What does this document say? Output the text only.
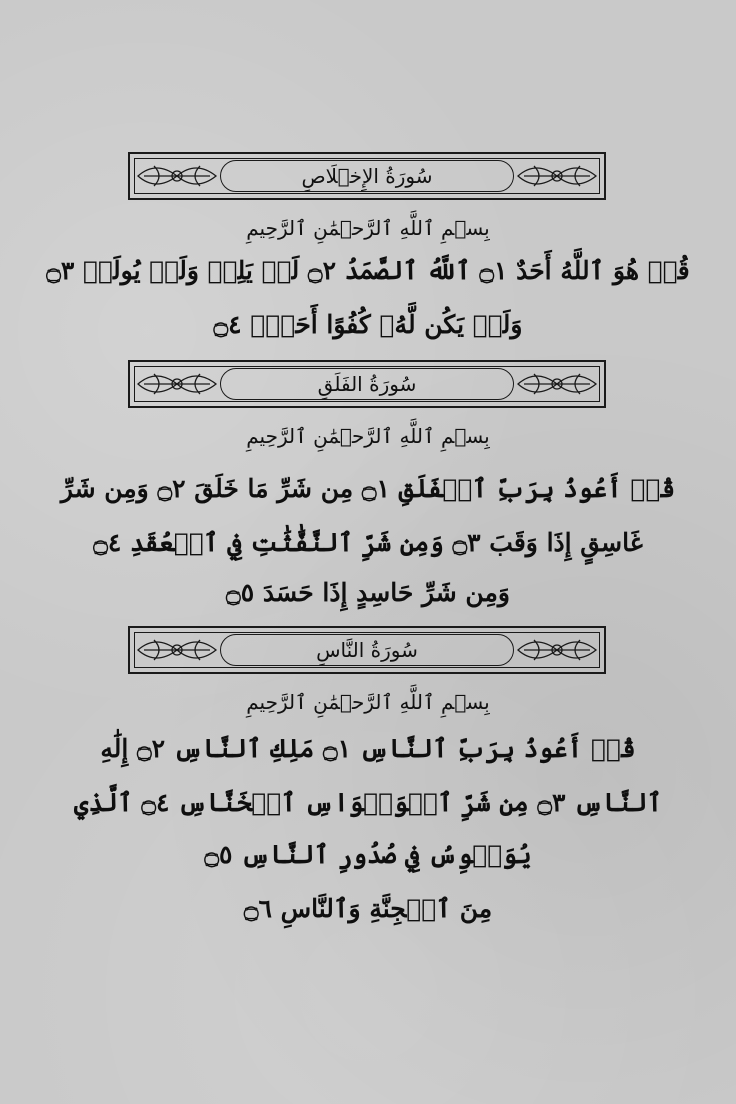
سُورَةُ الإِخۡلَاصِ
بِسۡمِ ٱللَّهِ ٱلرَّحۡمَٰنِ ٱلرَّحِيمِ
قُلۡ هُوَ ٱللَّهُ أَحَدٌ ۝١ ٱللَّهُ ٱلصَّمَدُ ۝٢ لَمۡ يَلِدۡ وَلَمۡ يُولَدۡ ۝٣
وَلَمۡ يَكُن لَّهُۥ كُفُوًا أَحَدُۢ ۝٤
سُورَةُ الفَلَقِ
بِسۡمِ ٱللَّهِ ٱلرَّحۡمَٰنِ ٱلرَّحِيمِ
قُلۡ أَعُوذُ بِرَبِّ ٱلۡفَلَقِ ۝١ مِن شَرِّ مَا خَلَقَ ۝٢ وَمِن شَرِّ
غَاسِقٍ إِذَا وَقَبَ ۝٣ وَمِن شَرِّ ٱلنَّفَّٰثَٰتِ فِي ٱلۡعُقَدِ ۝٤
وَمِن شَرِّ حَاسِدٍ إِذَا حَسَدَ ۝٥
سُورَةُ النَّاسِ
بِسۡمِ ٱللَّهِ ٱلرَّحۡمَٰنِ ٱلرَّحِيمِ
قُلۡ أَعُوذُ بِرَبِّ ٱلنَّاسِ ۝١ مَلِكِ ٱلنَّاسِ ۝٢ إِلَٰهِ
ٱلنَّاسِ ۝٣ مِن شَرِّ ٱلۡوَسۡوَاسِ ٱلۡخَنَّاسِ ۝٤ ٱلَّذِي
يُوَسۡوِسُ فِي صُدُورِ ٱلنَّاسِ ۝٥
مِنَ ٱلۡجِنَّةِ وَٱلنَّاسِ ۝٦
